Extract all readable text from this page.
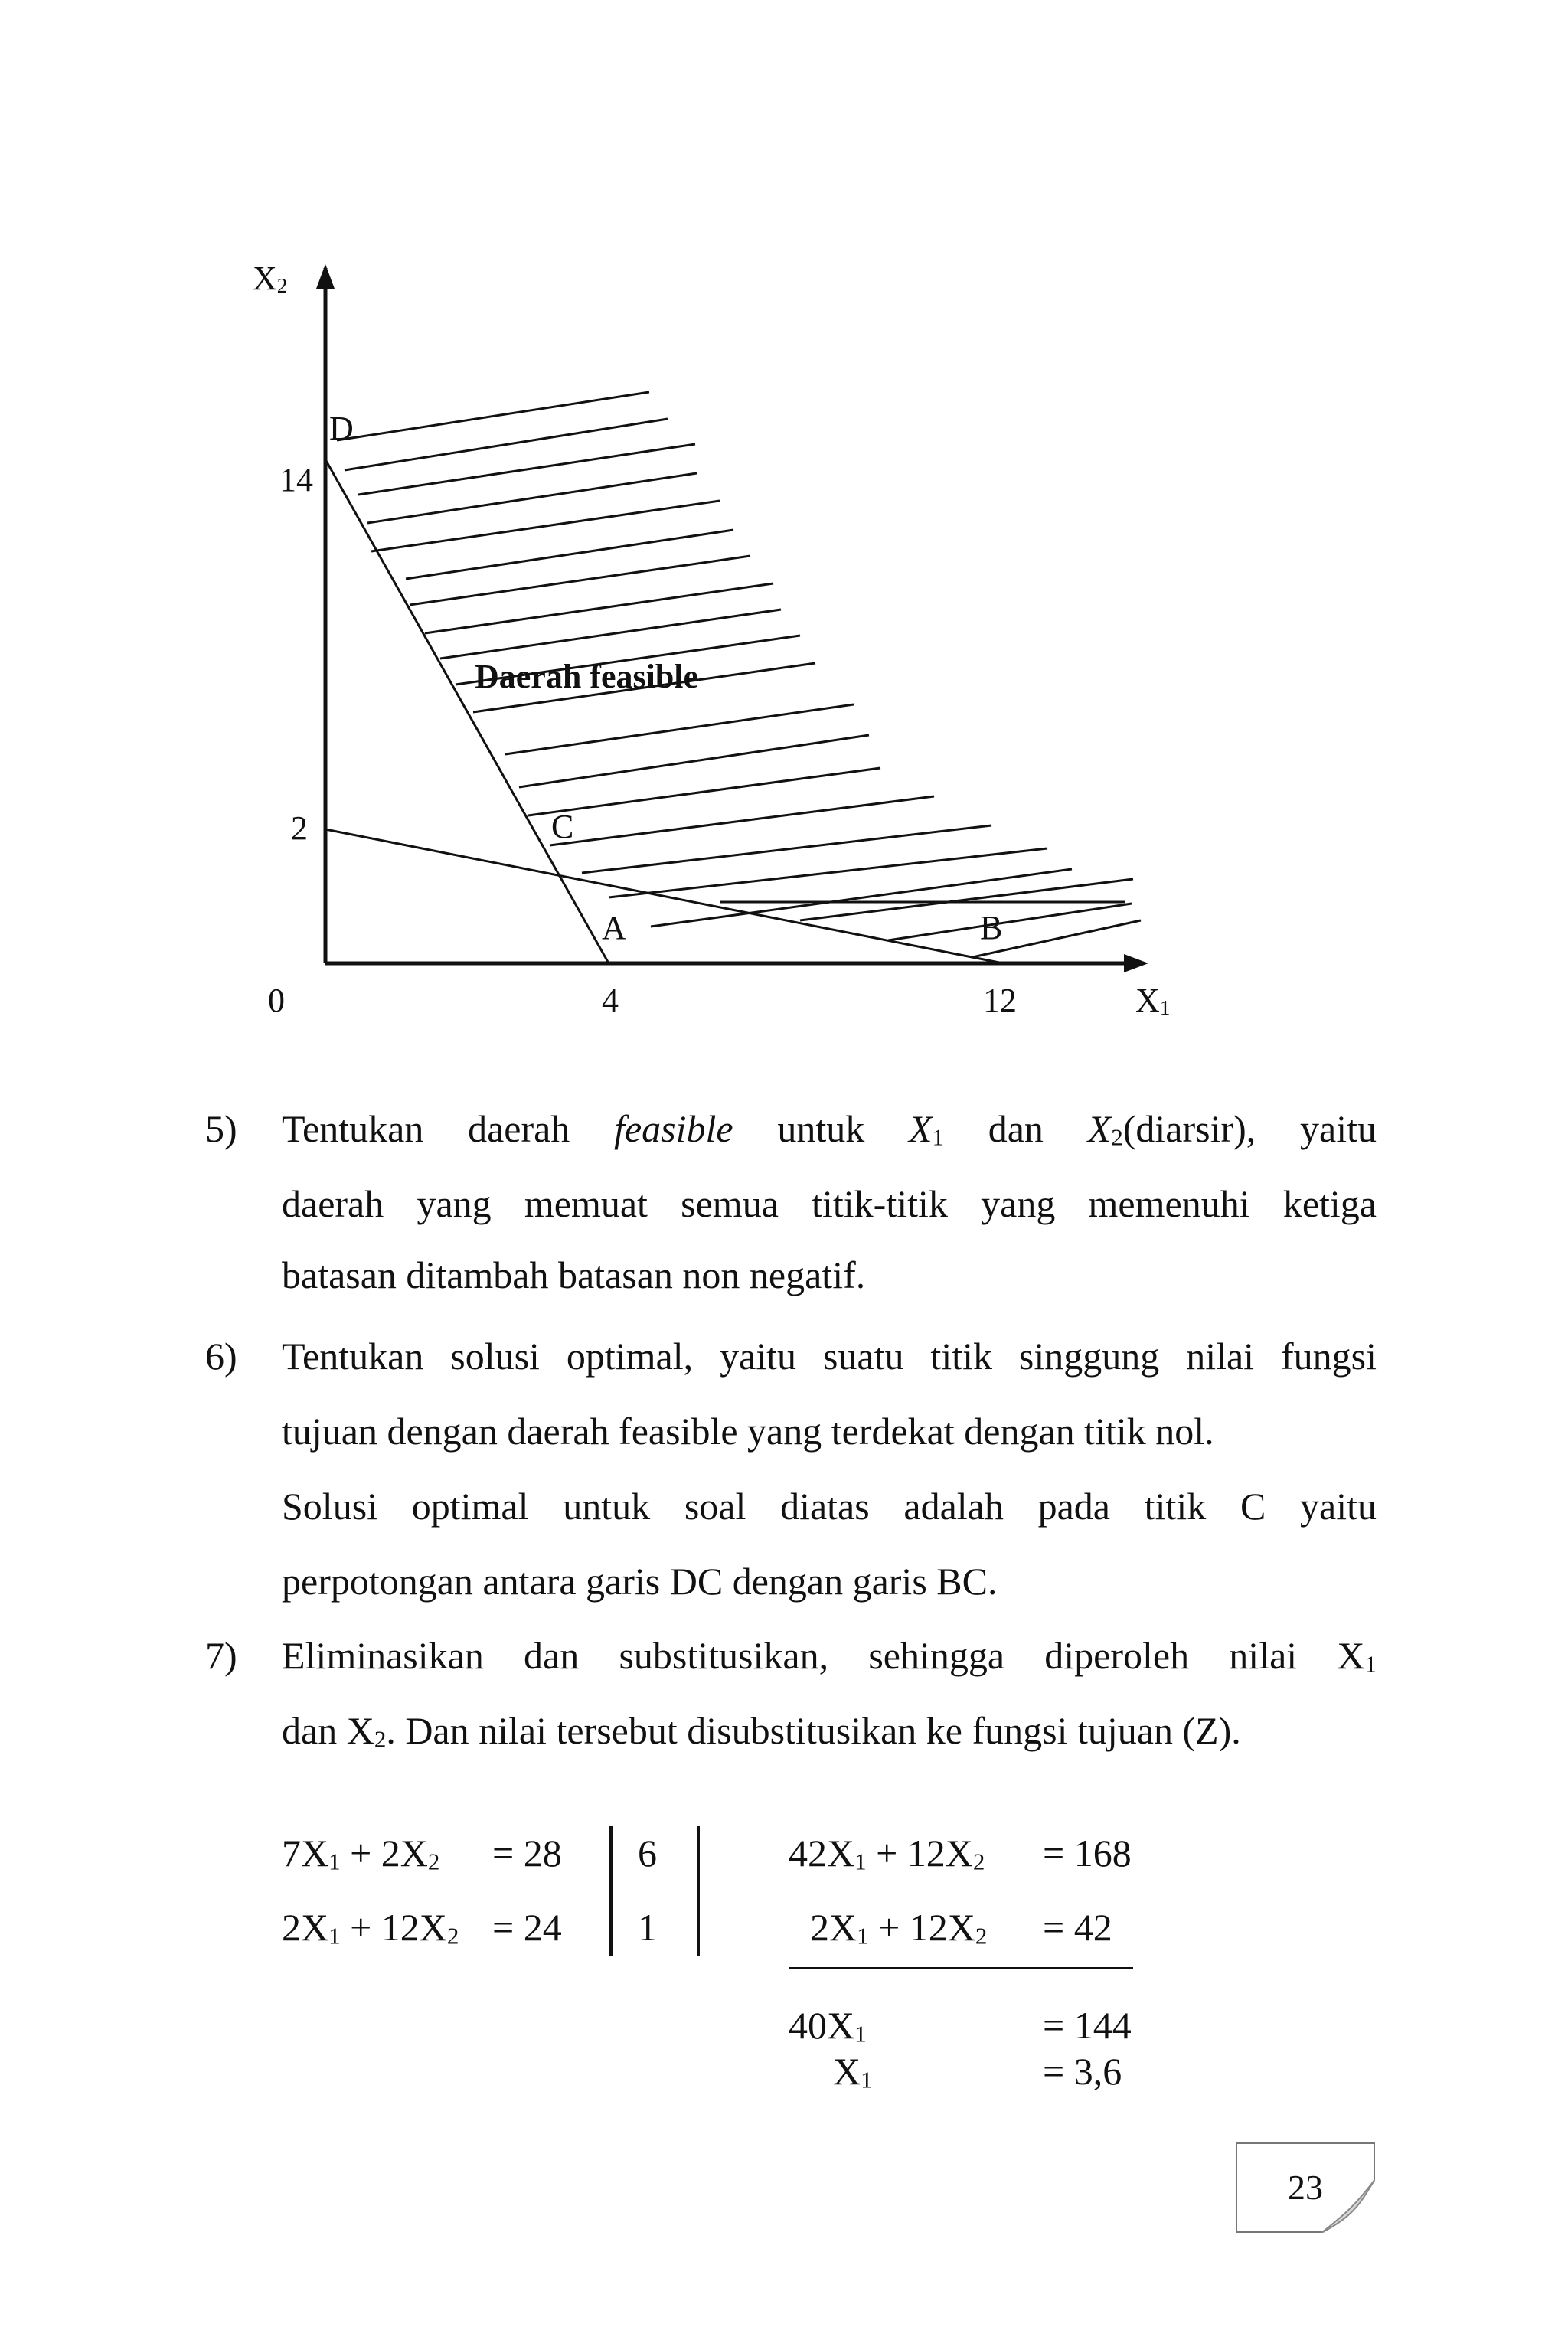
$X_2$
$X_1$
0	4	12
14
2
D
C
A	B
Daerah feasible
5) Tentukan daerah feasible untuk $X_1$ dan $X_2(diarsir)$, yaitu
daerah yang memuat semua titik-titik yang memenuhi ketiga
batasan ditambah batasan non negatif.
6) Tentukan solusi optimal, yaitu suatu titik singgung nilai fungsi
tujuan dengan daerah feasible yang terdekat dengan titik nol.
Solusi optimal untuk soal diatas adalah pada titik C yaitu
perpotongan antara garis DC dengan garis BC.
7) Eliminasikan dan substitusikan, sehingga diperoleh nilai $X_1$
dan $X_2$. Dan nilai tersebut disubstitusikan ke fungsi tujuan (Z).
$7X_1 + 2X_2 = 28$ 6
$2X_1 + 12X_2 = 24$ 1
$42X_1 + 12X_2 = 168$
$2X_1 + 12X_2 = 42$
$40X_1$	= 144
$X_1$	= 3,6
23
